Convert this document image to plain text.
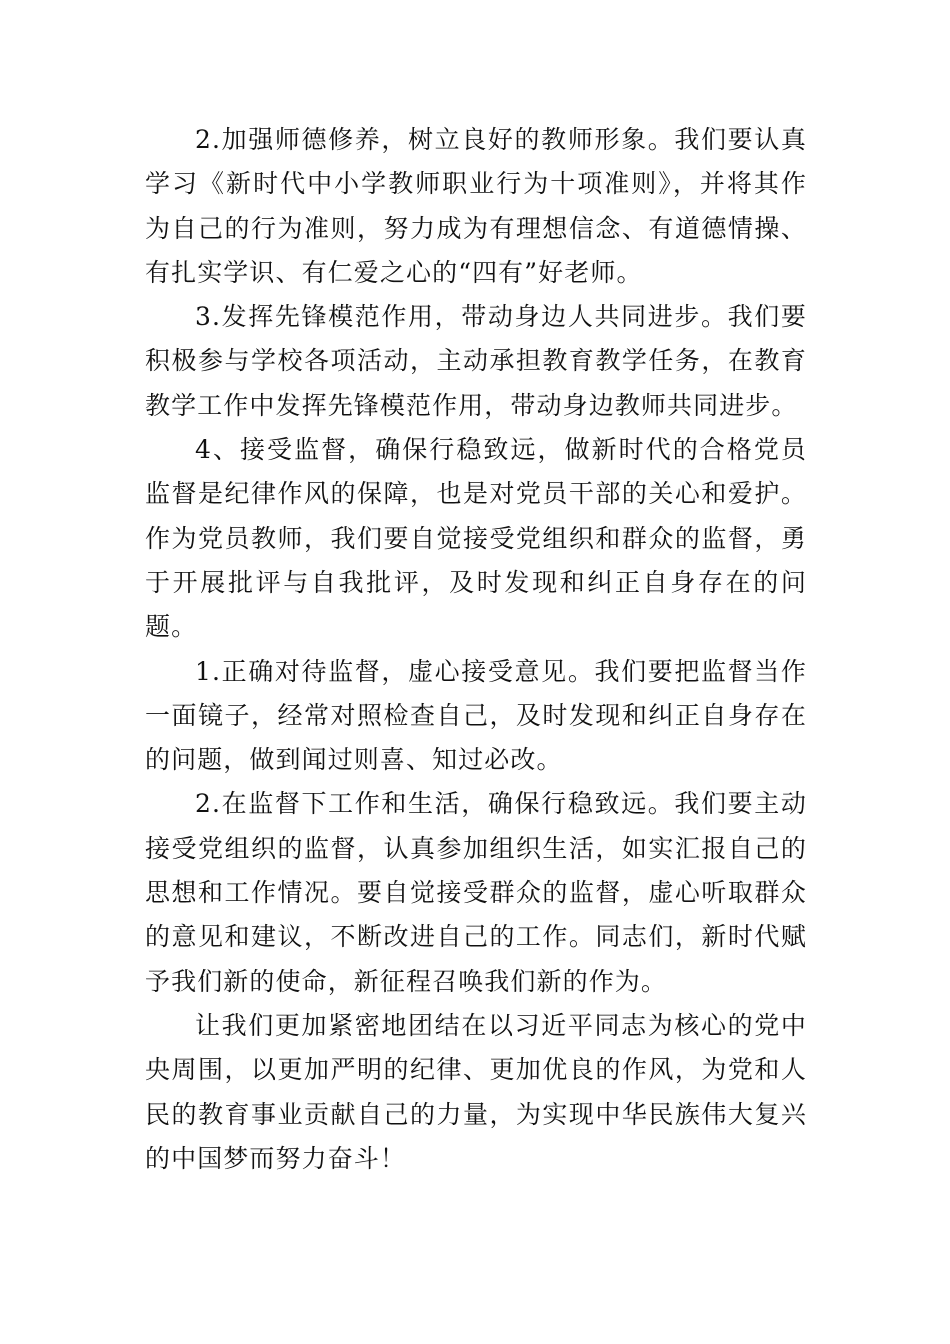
2.加强师德修养，树立良好的教师形象。我们要认真学习《新时代中小学教师职业行为十项准则》，并将其作为自己的行为准则，努力成为有理想信念、有道德情操、有扎实学识、有仁爱之心的“四有”好老师。

3.发挥先锋模范作用，带动身边人共同进步。我们要积极参与学校各项活动，主动承担教育教学任务，在教育教学工作中发挥先锋模范作用，带动身边教师共同进步。

4、接受监督，确保行稳致远，做新时代的合格党员监督是纪律作风的保障，也是对党员干部的关心和爱护。作为党员教师，我们要自觉接受党组织和群众的监督，勇于开展批评与自我批评，及时发现和纠正自身存在的问题。

1.正确对待监督，虚心接受意见。我们要把监督当作一面镜子，经常对照检查自己，及时发现和纠正自身存在的问题，做到闻过则喜、知过必改。

2.在监督下工作和生活，确保行稳致远。我们要主动接受党组织的监督，认真参加组织生活，如实汇报自己的思想和工作情况。要自觉接受群众的监督，虚心听取群众的意见和建议，不断改进自己的工作。同志们，新时代赋予我们新的使命，新征程召唤我们新的作为。

让我们更加紧密地团结在以习近平同志为核心的党中央周围，以更加严明的纪律、更加优良的作风，为党和人民的教育事业贡献自己的力量，为实现中华民族伟大复兴的中国梦而努力奋斗！
